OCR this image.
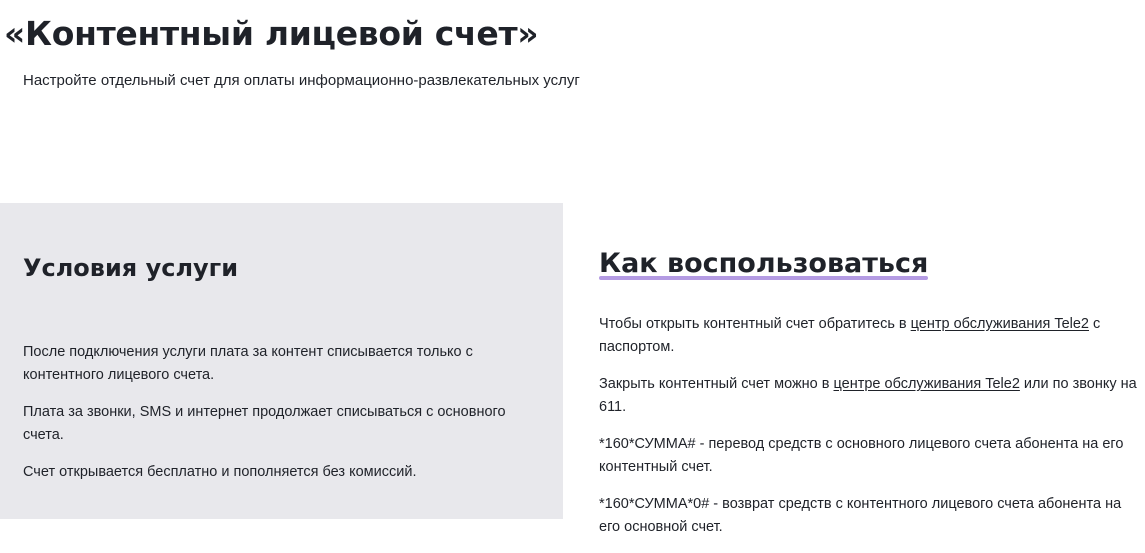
«Контентный лицевой счет»

Настройте отдельный счет для оплаты информационно-развлекательных услуг

Условия услуги

После подключения услуги плата за контент списывается только с контентного лицевого счета.

Плата за звонки, SMS и интернет продолжает списываться с основного счета.

Счет открывается бесплатно и пополняется без комиссий.

Как воспользоваться

Чтобы открыть контентный счет обратитесь в центр обслуживания Tele2 с паспортом.

Закрыть контентный счет можно в центре обслуживания Tele2 или по звонку на 611.

*160*СУММА# - перевод средств с основного лицевого счета абонента на его контентный счет.

*160*СУММА*0# - возврат средств с контентного лицевого счета абонента на его основной счет.
